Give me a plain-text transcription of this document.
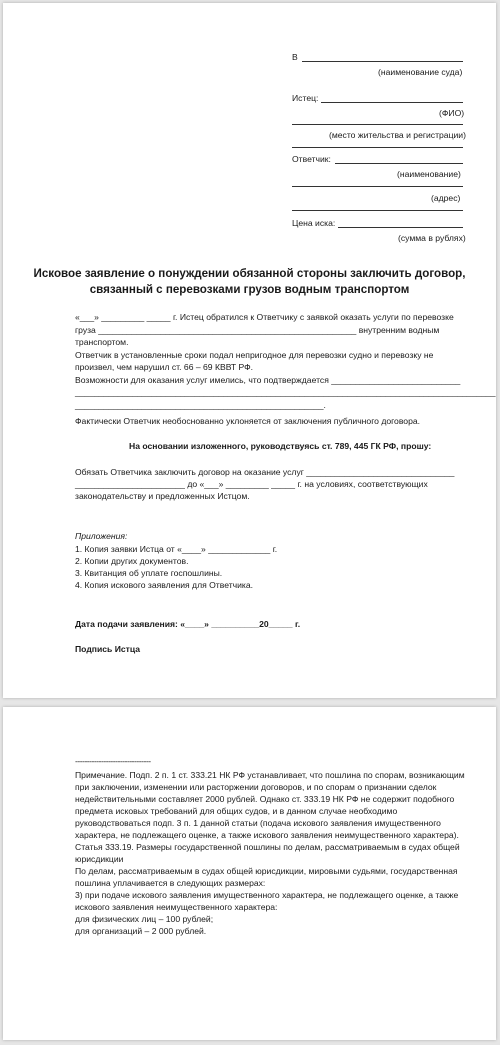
В
(наименование суда)
Истец:
(ФИО)
(место жительства и регистрации)
Ответчик:
(наименование)
(адрес)
Цена иска:
(сумма в рублях)
Исковое заявление о понуждении обязанной стороны заключить договор,
связанный с перевозками грузов водным транспортом
«___» _________ _____ г. Истец обратился к Ответчику с заявкой оказать услуги по перевозке
груза ______________________________________________________ внутренним водным
транспортом.
Ответчик в установленные сроки подал непригодное для перевозки судно и перевозку не
произвел, чем нарушил ст. 66 – 69 КВВТ РФ.
Возможности для оказания услуг имелись, что подтверждается ___________________________
________________________________________________________________________________________
____________________________________________________.
Фактически Ответчик необоснованно уклоняется от заключения публичного договора.
На основании изложенного, руководствуясь ст. 789, 445 ГК РФ, прошу:
Обязать Ответчика заключить договор на оказание услуг _______________________________
_______________________ до «___» _________ _____ г. на условиях, соответствующих
законодательству и предложенных Истцом.
Приложения:
1. Копия заявки Истца от «____» _____________ г.
2. Копии других документов.
3. Квитанция об уплате госпошлины.
4. Копия искового заявления для Ответчика.
Дата подачи заявления: «____» __________20_____ г.
Подпись Истца
--------------------------------
Примечание. Подп. 2 п. 1 ст. 333.21 НК РФ устанавливает, что пошлина по спорам, возникающим
при заключении, изменении или расторжении договоров, и по спорам о признании сделок
недействительными составляет 2000 рублей. Однако ст. 333.19 НК РФ не содержит подобного
предмета исковых требований для общих судов, и в данном случае необходимо
руководствоваться подп. 3 п. 1 данной статьи (подача искового заявления имущественного
характера, не подлежащего оценке, а также искового заявления неимущественного характера).
Статья 333.19. Размеры государственной пошлины по делам, рассматриваемым в судах общей
юрисдикции
По делам, рассматриваемым в судах общей юрисдикции, мировыми судьями, государственная
пошлина уплачивается в следующих размерах:
3) при подаче искового заявления имущественного характера, не подлежащего оценке, а также
искового заявления неимущественного характера:
для физических лиц – 100 рублей;
для организаций – 2 000 рублей.
